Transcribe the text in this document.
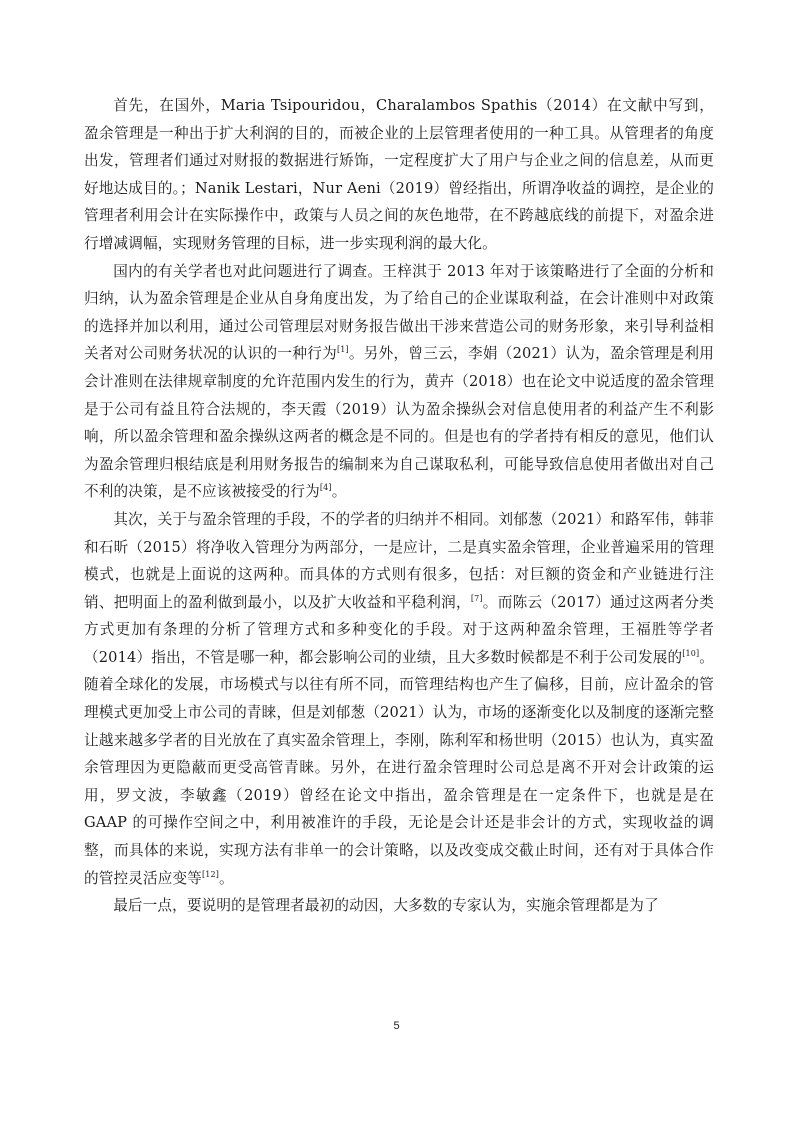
首先，在国外，Maria Tsipouridou，Charalambos Spathis（2014）在文献中写到，盈余管理是一种出于扩大利润的目的，而被企业的上层管理者使用的一种工具。从管理者的角度出发，管理者们通过对财报的数据进行矫饰，一定程度扩大了用户与企业之间的信息差，从而更好地达成目的。；Nanik Lestari，Nur Aeni（2019）曾经指出，所谓净收益的调控，是企业的管理者利用会计在实际操作中，政策与人员之间的灰色地带，在不跨越底线的前提下，对盈余进行增减调幅，实现财务管理的目标，进一步实现利润的最大化。

国内的有关学者也对此问题进行了调查。王梓淇于 2013 年对于该策略进行了全面的分析和归纳，认为盈余管理是企业从自身角度出发，为了给自己的企业谋取利益，在会计准则中对政策的选择并加以利用，通过公司管理层对财务报告做出干涉来营造公司的财务形象，来引导利益相关者对公司财务状况的认识的一种行为[1]。另外，曾三云，李娟（2021）认为，盈余管理是利用会计准则在法律规章制度的允许范围内发生的行为，黄卉（2018）也在论文中说适度的盈余管理是于公司有益且符合法规的，李天霞（2019）认为盈余操纵会对信息使用者的利益产生不利影响，所以盈余管理和盈余操纵这两者的概念是不同的。但是也有的学者持有相反的意见，他们认为盈余管理归根结底是利用财务报告的编制来为自己谋取私利，可能导致信息使用者做出对自己不利的决策，是不应该被接受的行为[4]。

其次，关于与盈余管理的手段，不的学者的归纳并不相同。刘郁葱（2021）和路军伟，韩菲和石昕（2015）将净收入管理分为两部分，一是应计，二是真实盈余管理，企业普遍采用的管理模式，也就是上面说的这两种。而具体的方式则有很多，包括：对巨额的资金和产业链进行注销、把明面上的盈利做到最小，以及扩大收益和平稳利润，[7]。而陈云（2017）通过这两者分类方式更加有条理的分析了管理方式和多种变化的手段。对于这两种盈余管理，王福胜等学者（2014）指出，不管是哪一种，都会影响公司的业绩，且大多数时候都是不利于公司发展的[10]。随着全球化的发展，市场模式与以往有所不同，而管理结构也产生了偏移，目前，应计盈余的管理模式更加受上市公司的青睐，但是刘郁葱（2021）认为，市场的逐渐变化以及制度的逐渐完整让越来越多学者的目光放在了真实盈余管理上，李刚，陈利军和杨世明（2015）也认为，真实盈余管理因为更隐蔽而更受高管青睐。另外，在进行盈余管理时公司总是离不开对会计政策的运用，罗文波，李敏鑫（2019）曾经在论文中指出，盈余管理是在一定条件下，也就是是在 GAAP 的可操作空间之中，利用被准许的手段，无论是会计还是非会计的方式，实现收益的调整，而具体的来说，实现方法有非单一的会计策略，以及改变成交截止时间，还有对于具体合作的管控灵活应变等[12]。

最后一点，要说明的是管理者最初的动因，大多数的专家认为，实施余管理都是为了

5
